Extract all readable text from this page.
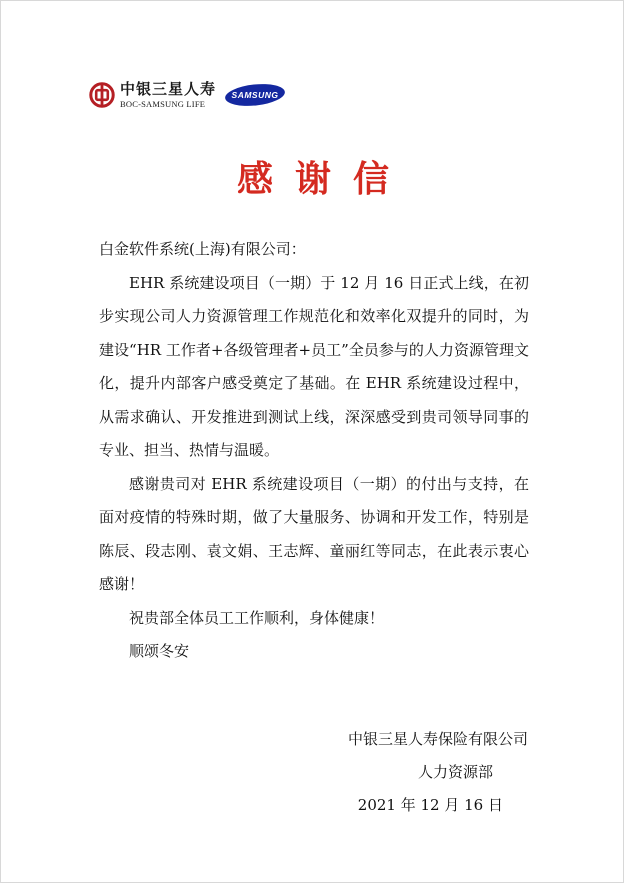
中银三星人寿
BOC-SAMSUNG LIFE
SAMSUNG
感谢信

白金软件系统(上海)有限公司：

EHR 系统建设项目（一期）于 12 月 16 日正式上线，在初步实现公司人力资源管理工作规范化和效率化双提升的同时，为建设“HR 工作者+各级管理者+员工”全员参与的人力资源管理文化，提升内部客户感受奠定了基础。在 EHR 系统建设过程中，从需求确认、开发推进到测试上线，深深感受到贵司领导同事的专业、担当、热情与温暖。

感谢贵司对 EHR 系统建设项目（一期）的付出与支持，在面对疫情的特殊时期，做了大量服务、协调和开发工作，特别是陈辰、段志刚、袁文娟、王志辉、童丽红等同志，在此表示衷心感谢！

祝贵部全体员工工作顺利，身体健康！

顺颂冬安

中银三星人寿保险有限公司
人力资源部
2021 年 12 月 16 日
